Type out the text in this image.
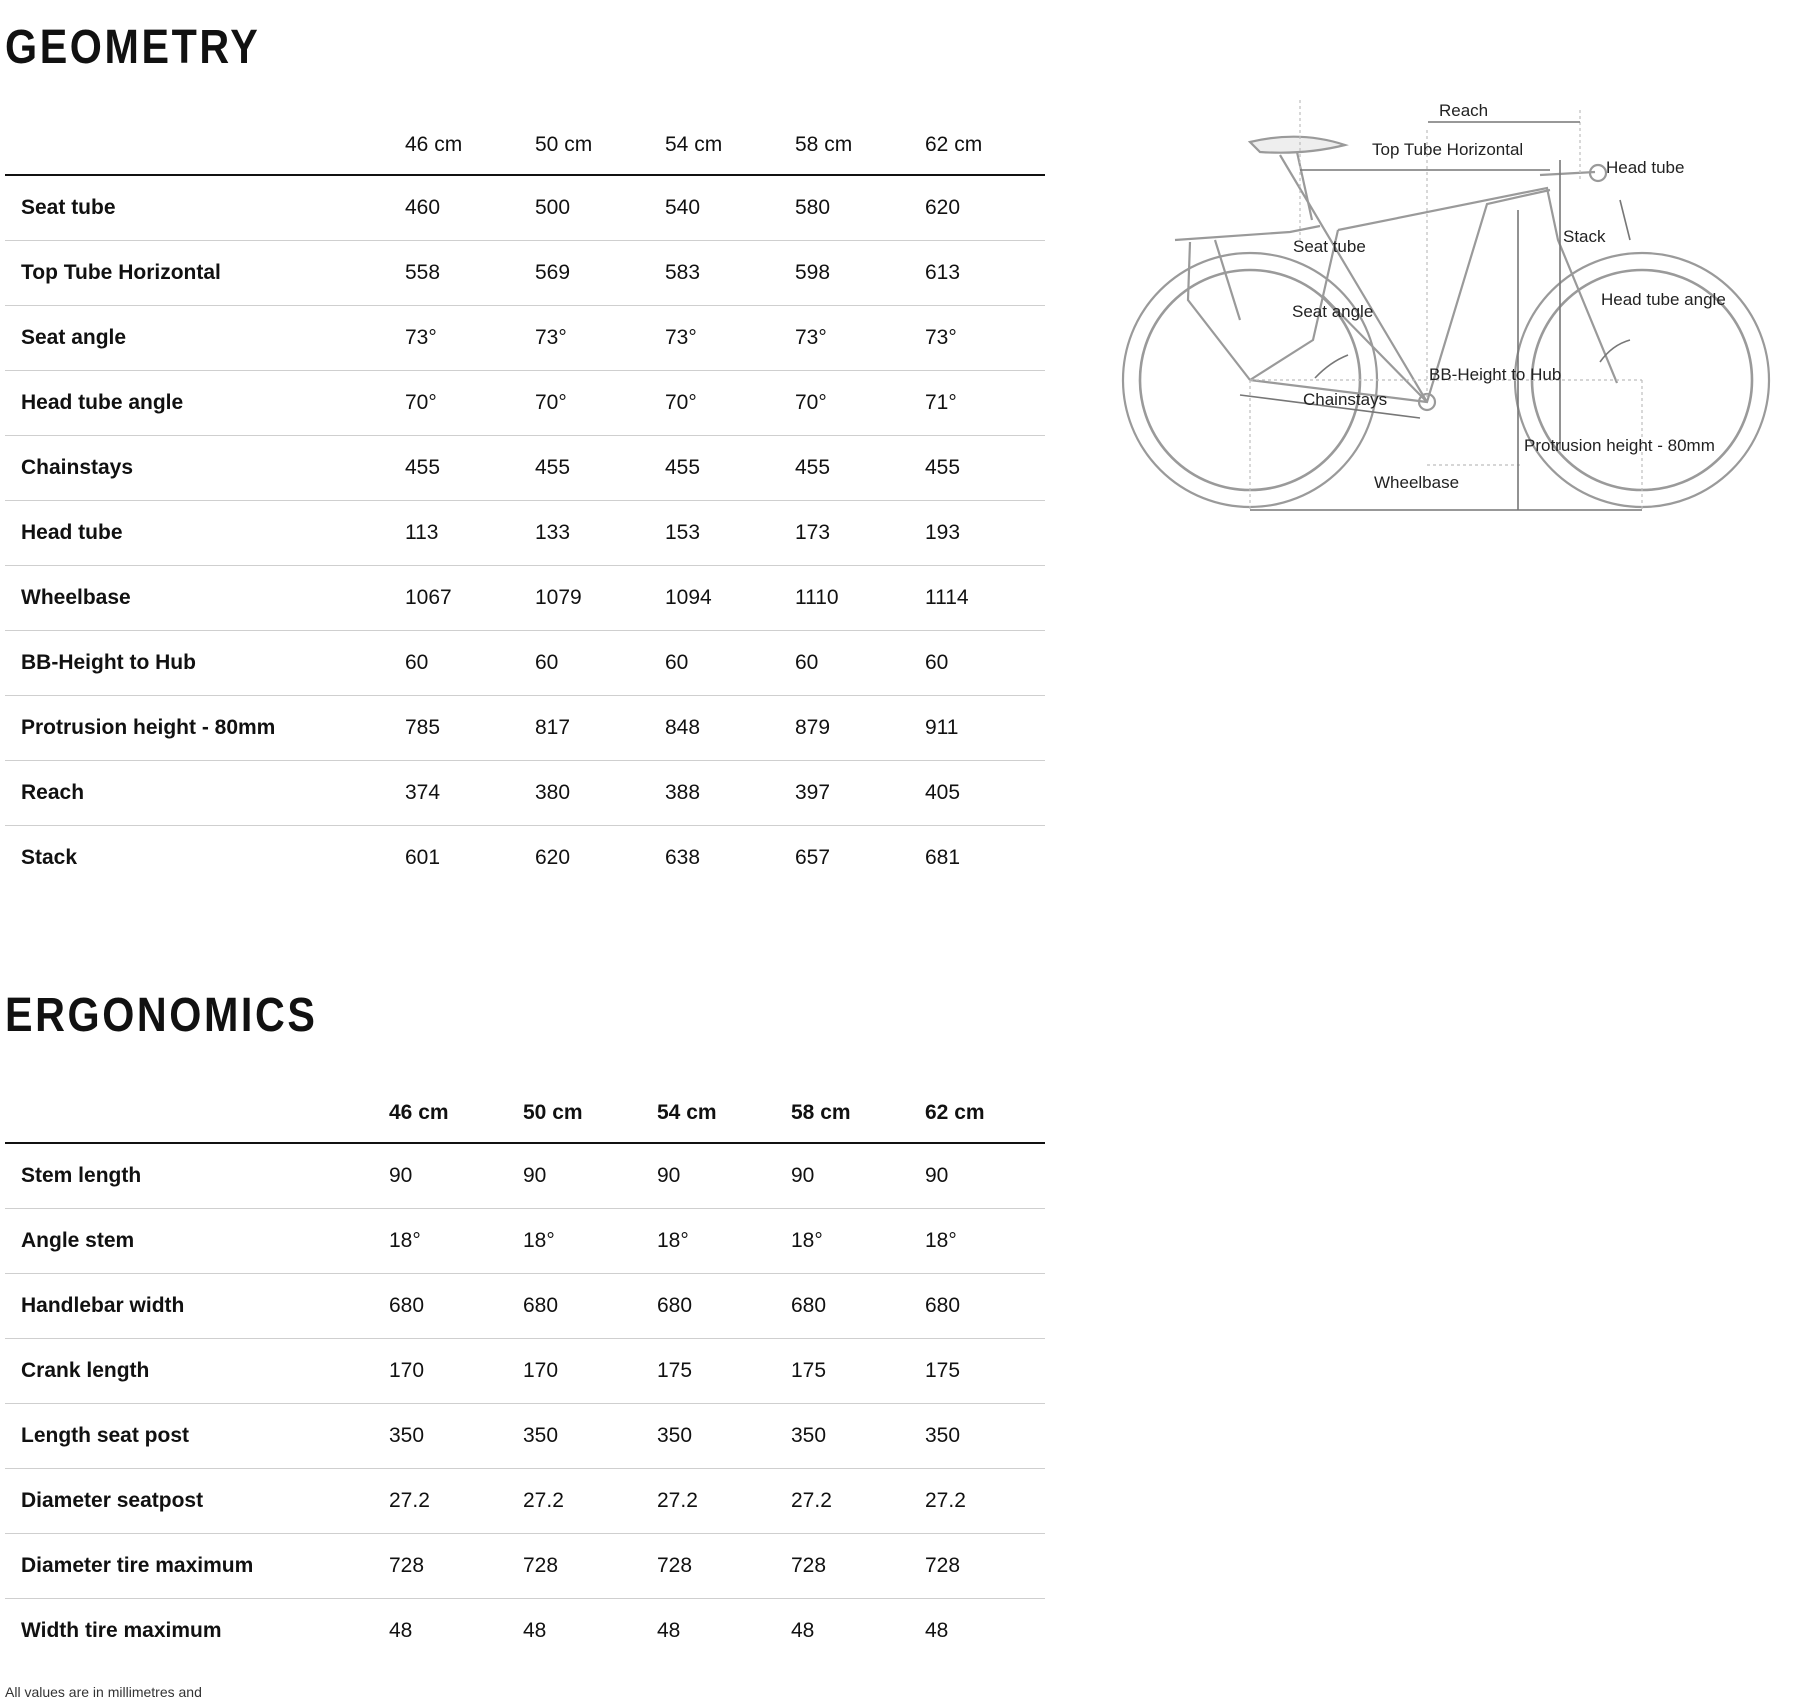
GEOMETRY
	46 cm	50 cm	54 cm	58 cm	62 cm	
Seat tube	460	500	540	580	620	
Top Tube Horizontal	558	569	583	598	613	
Seat angle	73°	73°	73°	73°	73°	
Head tube angle	70°	70°	70°	70°	71°	
Chainstays	455	455	455	455	455	
Head tube	113	133	153	173	193	
Wheelbase	1067	1079	1094	1110	1114	
BB-Height to Hub	60	60	60	60	60	
Protrusion height - 80mm	785	817	848	879	911	
Reach	374	380	388	397	405	
Stack	601	620	638	657	681	
Reach
Top Tube Horizontal
Head tube
Stack
Seat tube
Seat angle
Head tube angle
BB-Height to Hub
Chainstays
Protrusion height - 80mm
Wheelbase
ERGONOMICS
	46 cm	50 cm	54 cm	58 cm	62 cm	
Stem length	90	90	90	90	90	
Angle stem	18°	18°	18°	18°	18°	
Handlebar width	680	680	680	680	680	
Crank length	170	170	175	175	175	
Length seat post	350	350	350	350	350	
Diameter seatpost	27.2	27.2	27.2	27.2	27.2	
Diameter tire maximum	728	728	728	728	728	
Width tire maximum	48	48	48	48	48	
All values are in millimetres and
